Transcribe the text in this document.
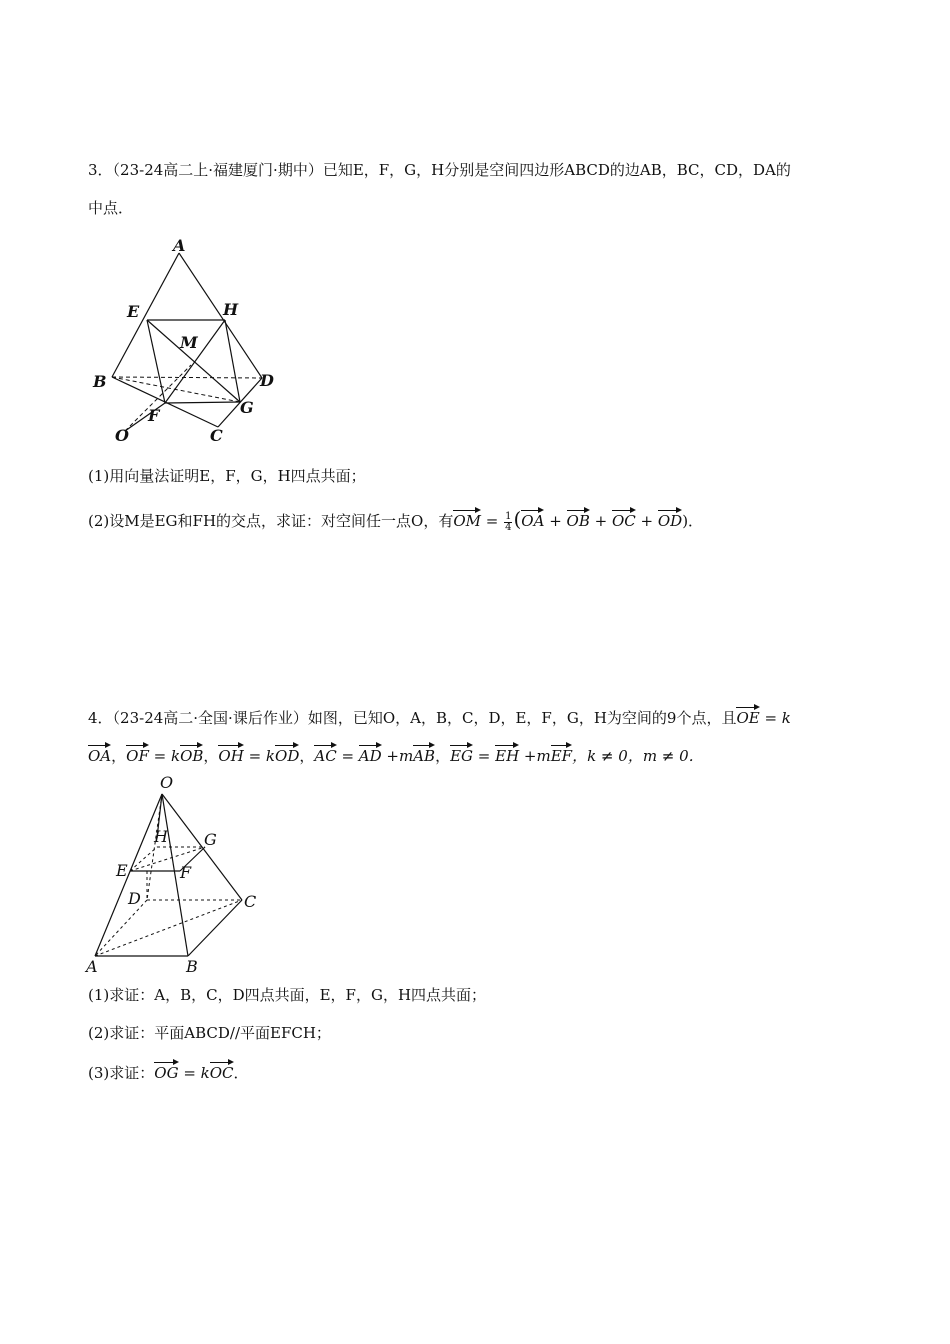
3．（23-24高二上·福建厦门·期中）已知E，F，G，H分别是空间四边形ABCD的边AB，BC，CD，DA的
中点．
A
E	H
M
B	D
F	G
O	C
(1)用向量法证明E，F，G，H四点共面；
(2)设M是EG和FH的交点，求证：对空间任一点O，有OM = $\frac{1}{4} (OA$ + OB + OC + OD)．
4．（23-24高二·全国·课后作业）如图，已知O，A，B，C，D，E，F，G，H为空间的9个点，且OE = k
OA，OF = kOB，OH = kOD，AC = AD +mAB，EG = EH +mEF，k ≠ 0，m ≠ 0．
O
H G
E	F
D	C
A	B
(1)求证：A，B，C，D四点共面，E，F，G，H四点共面；
(2)求证：平面ABCD//平面EFCH；
(3)求证：OG = kOC．
